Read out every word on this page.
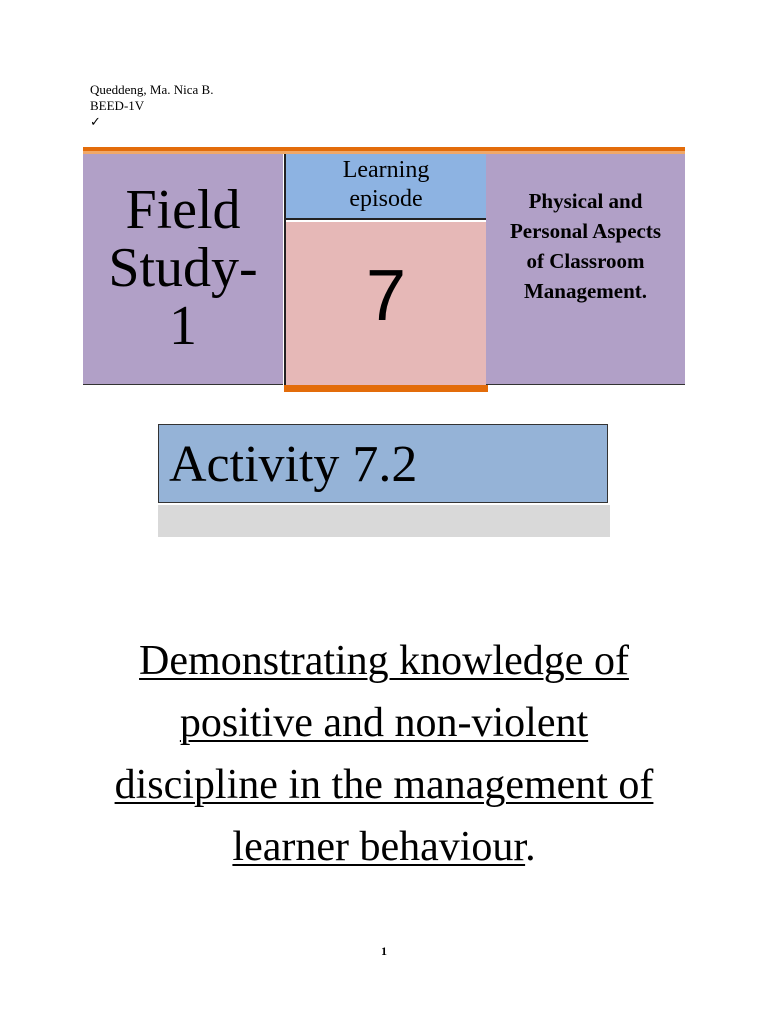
Queddeng, Ma. Nica B.
BEED-1V
✓
Field
Study-
1
Learning
episode
7
Physical and
Personal Aspects
of Classroom
Management.
Activity 7.2
Demonstrating knowledge of
positive and non-violent
discipline in the management of
learner behaviour.
1
